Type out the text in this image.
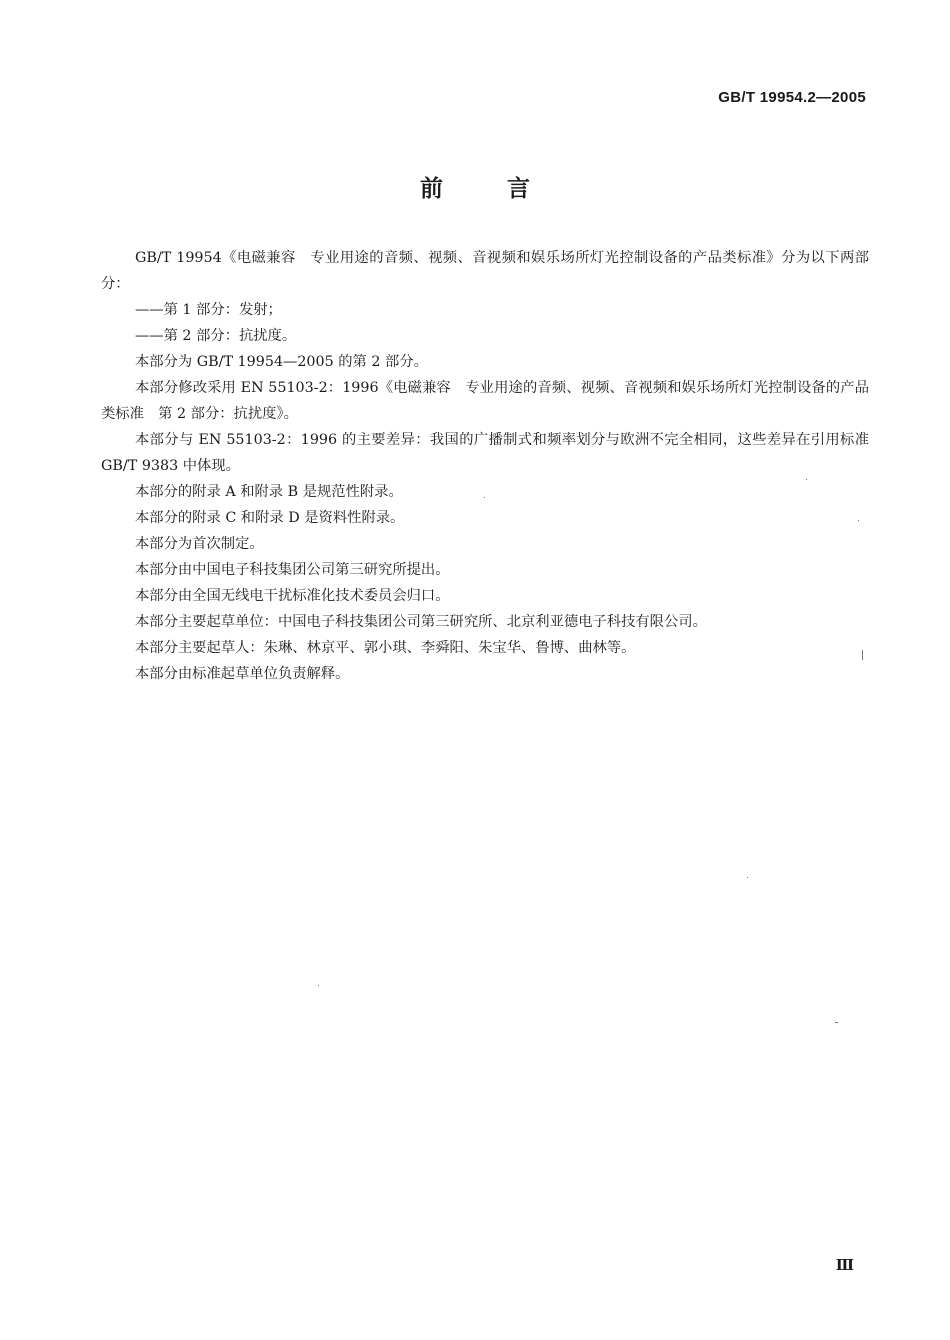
GB/T 19954.2—2005
前言

GB/T 19954《电磁兼容　专业用途的音频、视频、音视频和娱乐场所灯光控制设备的产品类标准》分为以下两部分：

——第 1 部分：发射；

——第 2 部分：抗扰度。

本部分为 GB/T 19954—2005 的第 2 部分。

本部分修改采用 EN 55103-2：1996《电磁兼容　专业用途的音频、视频、音视频和娱乐场所灯光控制设备的产品类标准　第 2 部分：抗扰度》。

本部分与 EN 55103-2：1996 的主要差异：我国的广播制式和频率划分与欧洲不完全相同，这些差异在引用标准 GB/T 9383 中体现。

本部分的附录 A 和附录 B 是规范性附录。

本部分的附录 C 和附录 D 是资料性附录。

本部分为首次制定。

本部分由中国电子科技集团公司第三研究所提出。

本部分由全国无线电干扰标准化技术委员会归口。

本部分主要起草单位：中国电子科技集团公司第三研究所、北京利亚德电子科技有限公司。

本部分主要起草人：朱琳、林京平、郭小琪、李舜阳、朱宝华、鲁博、曲林等。

本部分由标准起草单位负责解释。

Ⅲ
